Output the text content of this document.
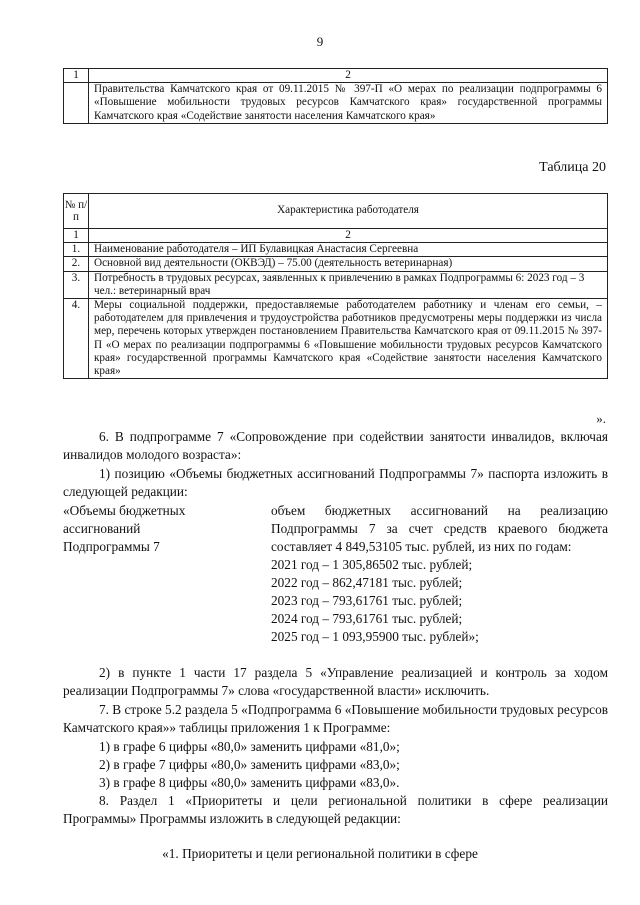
9
1	2
	Правительства Камчатского края от 09.11.2015 № 397-П «О мерах по реализации подпрограммы 6 «Повышение мобильности трудовых ресурсов Камчатского края» государственной программы Камчатского края «Содействие занятости населения Камчатского края»
Таблица 20
№ п/п	Характеристика работодателя
1	2
1.	Наименование работодателя – ИП Булавицкая Анастасия Сергеевна
2.	Основной вид деятельности (ОКВЭД) – 75.00 (деятельность ветеринарная)
3.	Потребность в трудовых ресурсах, заявленных к привлечению в рамках Подпрограммы 6: 2023 год – 3 чел.: ветеринарный врач
4.	Меры социальной поддержки, предоставляемые работодателем работнику и членам его семьи, – работодателем для привлечения и трудоустройства работников предусмотрены меры поддержки из числа мер, перечень которых утвержден постановлением Правительства Камчатского края от 09.11.2015 № 397-П «О мерах по реализации подпрограммы 6 «Повышение мобильности трудовых ресурсов Камчатского края» государственной программы Камчатского края «Содействие занятости населения Камчатского края»
».
6. В подпрограмме 7 «Сопровождение при содействии занятости инвалидов, включая инвалидов молодого возраста»:
1) позицию «Объемы бюджетных ассигнований Подпрограммы 7» паспорта изложить в следующей редакции:
«Объемы бюджетных
ассигнований
Подпрограммы 7
объем бюджетных ассигнований на реализацию Подпрограммы 7 за счет средств краевого бюджета составляет 4 849,53105 тыс. рублей, из них по годам:
2021 год – 1 305,86502 тыс. рублей;
2022 год – 862,47181 тыс. рублей;
2023 год – 793,61761 тыс. рублей;
2024 год – 793,61761 тыс. рублей;
2025 год – 1 093,95900 тыс. рублей»;
2) в пункте 1 части 17 раздела 5 «Управление реализацией и контроль за ходом реализации Подпрограммы 7» слова «государственной власти» исключить.
7. В строке 5.2 раздела 5 «Подпрограмма 6 «Повышение мобильности трудовых ресурсов Камчатского края»» таблицы приложения 1 к Программе:
1) в графе 6 цифры «80,0» заменить цифрами «81,0»;
2) в графе 7 цифры «80,0» заменить цифрами «83,0»;
3) в графе 8 цифры «80,0» заменить цифрами «83,0».
8. Раздел 1 «Приоритеты и цели региональной политики в сфере реализации Программы» Программы изложить в следующей редакции:
«1. Приоритеты и цели региональной политики в сфере
